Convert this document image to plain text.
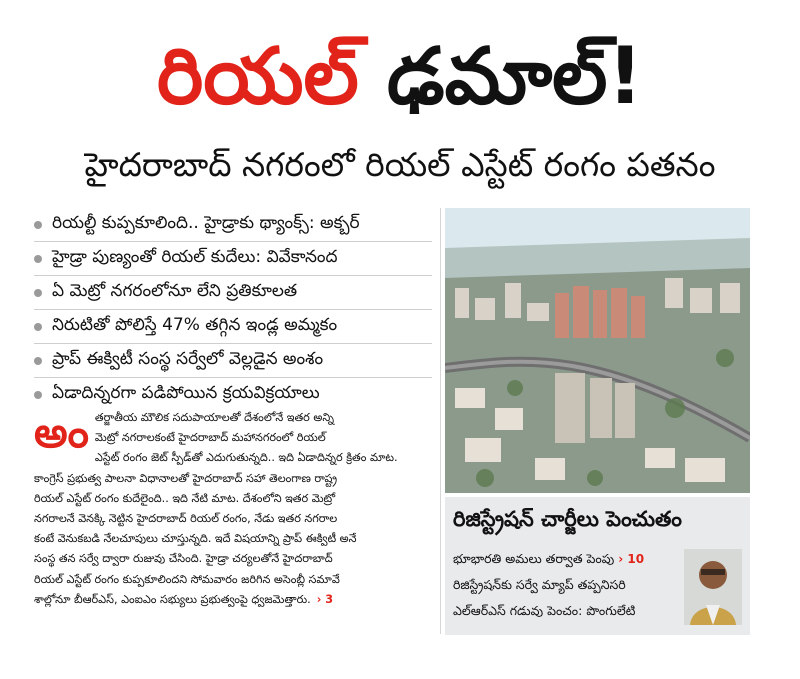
రియల్ ఢమాల్!
హైదరాబాద్ నగరంలో రియల్ ఎస్టేట్ రంగం పతనం
రియల్టీ కుప్పకూలింది.. హైడ్రాకు థ్యాంక్స్: అక్బర్
హైడ్రా పుణ్యంతో రియల్ కుదేలు: వివేకానంద
ఏ మెట్రో నగరంలోనూ లేని ప్రతికూలత
నిరుటితో పోలిస్తే 47% తగ్గిన ఇండ్ల అమ్మకం
ప్రాప్ ఈక్విటీ సంస్థ సర్వేలో వెల్లడైన అంశం
ఏడాదిన్నరగా పడిపోయిన క్రయవిక్రయాలు
అం తర్జాతీయ మౌలిక సదుపాయాలతో దేశంలోనే ఇతర అన్ని
మెట్రో నగరాలకంటే హైదరాబాద్ మహానగరంలో రియల్
ఎస్టేట్ రంగం జెట్ స్పీడ్‌తో ఎదుగుతున్నది.. ఇది ఏడాదిన్నర క్రితం మాట.
కాంగ్రెస్ ప్రభుత్వ పాలనా విధానాలతో హైదరాబాద్ సహా తెలంగాణ రాష్ట్ర
రియల్ ఎస్టేట్ రంగం కుదేలైంది.. ఇది నేటి మాట. దేశంలోని ఇతర మెట్రో
నగరాలనే వెనక్కి నెట్టిన హైదరాబాద్ రియల్ రంగం, నేడు ఇతర నగరాల
కంటే వెనుకబడి నేలచూపులు చూస్తున్నది. ఇదే విషయాన్ని ప్రాప్ ఈక్విటీ అనే
సంస్థ తన సర్వే ద్వారా రుజువు చేసింది. హైడ్రా చర్యలతోనే హైదరాబాద్
రియల్ ఎస్టేట్ రంగం కుప్పకూలిందని సోమవారం జరిగిన అసెంబ్లీ సమావే
శాల్లోనూ బీఆర్ఎస్, ఎంఐఎం సభ్యులు ప్రభుత్వంపై ధ్వజమెత్తారు. › 3
రిజిస్ట్రేషన్ చార్జీలు పెంచుతం
భూభారతి అమలు తర్వాత పెంపు › 10
రిజిస్ట్రేషన్‌కు సర్వే మ్యాప్ తప్పనిసరి
ఎల్ఆర్ఎస్ గడువు పెంచం: పొంగులేటి
